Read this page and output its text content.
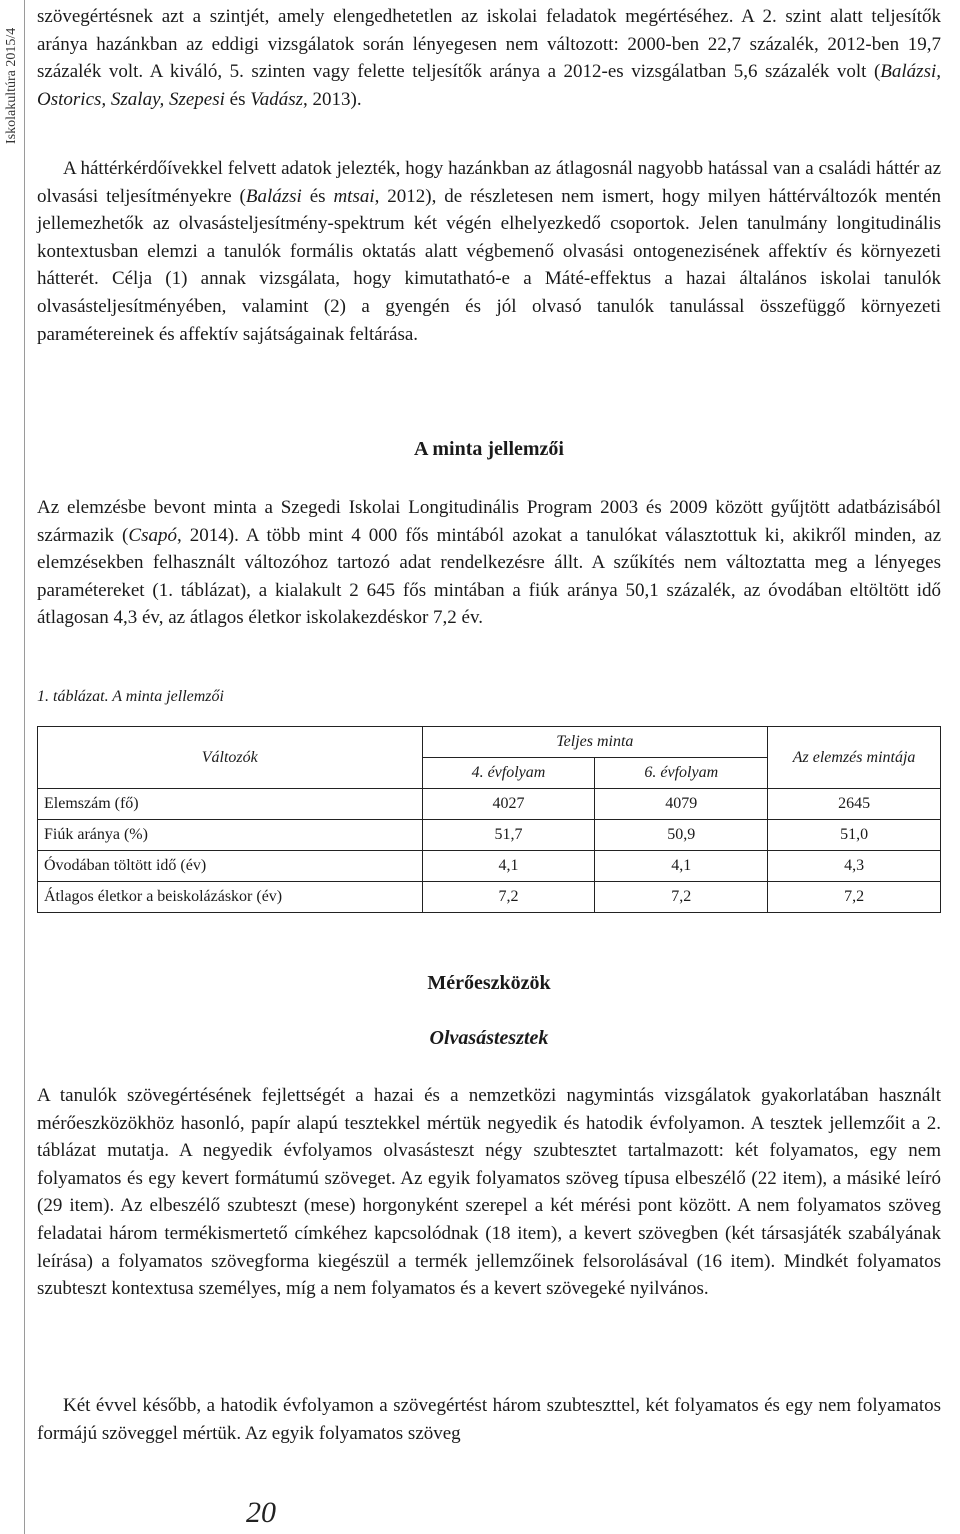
Iskolakultúra 2015/4

szövegértésnek azt a szintjét, amely elengedhetetlen az iskolai feladatok megértéséhez. A 2. szint alatt teljesítők aránya hazánkban az eddigi vizsgálatok során lényegesen nem változott: 2000-ben 22,7 százalék, 2012-ben 19,7 százalék volt. A kiváló, 5. szinten vagy felette teljesítők aránya a 2012-es vizsgálatban 5,6 százalék volt (Balázsi, Ostorics, Szalay, Szepesi és Vadász, 2013).

A háttérkérdőívekkel felvett adatok jelezték, hogy hazánkban az átlagosnál nagyobb hatással van a családi háttér az olvasási teljesítményekre (Balázsi és mtsai, 2012), de részletesen nem ismert, hogy milyen háttérváltozók mentén jellemezhetők az olvasásteljesítmény-spektrum két végén elhelyezkedő csoportok. Jelen tanulmány longitudinális kontextusban elemzi a tanulók formális oktatás alatt végbemenő olvasási ontogenezisének affektív és környezeti hátterét. Célja (1) annak vizsgálata, hogy kimutatható-e a Máté-effektus a hazai általános iskolai tanulók olvasásteljesítményében, valamint (2) a gyengén és jól olvasó tanulók tanulással összefüggő környezeti paramétereinek és affektív sajátságainak feltárása.

A minta jellemzői

Az elemzésbe bevont minta a Szegedi Iskolai Longitudinális Program 2003 és 2009 között gyűjtött adatbázisából származik (Csapó, 2014). A több mint 4 000 fős mintából azokat a tanulókat választottuk ki, akikről minden, az elemzésekben felhasznált változóhoz tartozó adat rendelkezésre állt. A szűkítés nem változtatta meg a lényeges paramétereket (1. táblázat), a kialakult 2 645 fős mintában a fiúk aránya 50,1 százalék, az óvodában eltöltött idő átlagosan 4,3 év, az átlagos életkor iskolakezdéskor 7,2 év.

1. táblázat. A minta jellemzői
Változók	Teljes minta		Az elemzés mintája
	4. évfolyam	6. évfolyam	
Elemszám (fő)	4027	4079	2645
Fiúk aránya (%)	51,7	50,9	51,0
Óvodában töltött idő (év)	4,1	4,1	4,3
Átlagos életkor a beiskolázáskor (év)	7,2	7,2	7,2
Mérőeszközök
Olvasástesztek

A tanulók szövegértésének fejlettségét a hazai és a nemzetközi nagymintás vizsgálatok gyakorlatában használt mérőeszközökhöz hasonló, papír alapú tesztekkel mértük negyedik és hatodik évfolyamon. A tesztek jellemzőit a 2. táblázat mutatja. A negyedik évfolyamos olvasásteszt négy szubtesztet tartalmazott: két folyamatos, egy nem folyamatos és egy kevert formátumú szöveget. Az egyik folyamatos szöveg típusa elbeszélő (22 item), a másiké leíró (29 item). Az elbeszélő szubteszt (mese) horgonyként szerepel a két mérési pont között. A nem folyamatos szöveg feladatai három termékismertető címkéhez kapcsolódnak (18 item), a kevert szövegben (két társasjáték szabályának leírása) a folyamatos szövegforma kiegészül a termék jellemzőinek felsorolásával (16 item). Mindkét folyamatos szubteszt kontextusa személyes, míg a nem folyamatos és a kevert szövegeké nyilvános.

Két évvel később, a hatodik évfolyamon a szövegértést három szubteszttel, két folyamatos és egy nem folyamatos formájú szöveggel mértük. Az egyik folyamatos szöveg

20
